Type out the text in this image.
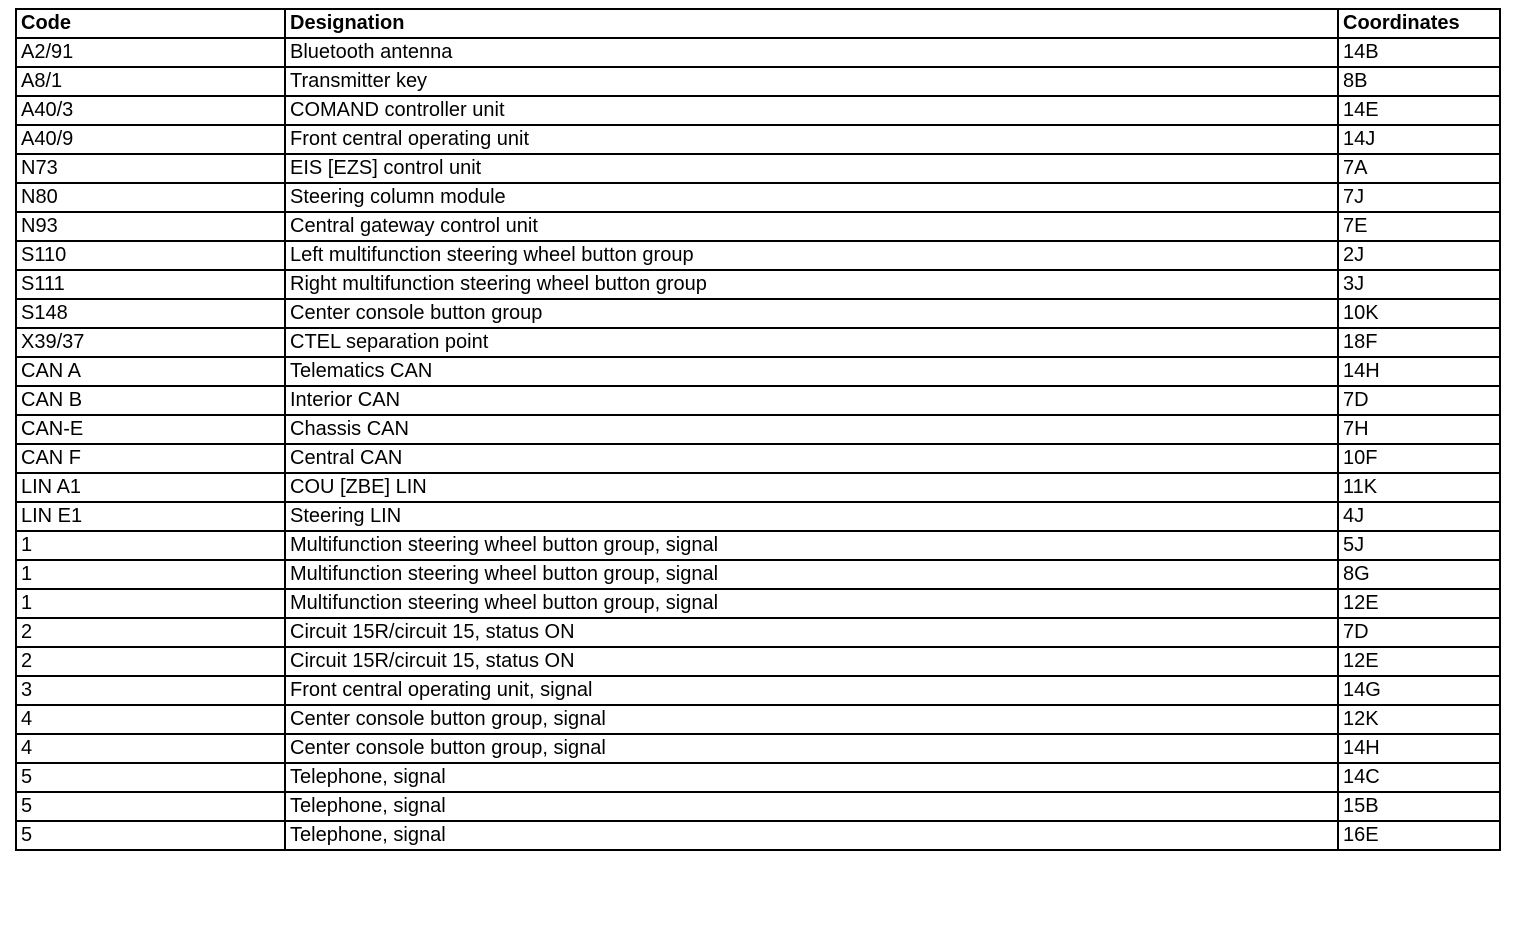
Code	Designation	Coordinates
A2/91	Bluetooth antenna	14B
A8/1	Transmitter key	8B
A40/3	COMAND controller unit	14E
A40/9	Front central operating unit	14J
N73	EIS [EZS] control unit	7A
N80	Steering column module	7J
N93	Central gateway control unit	7E
S110	Left multifunction steering wheel button group	2J
S111	Right multifunction steering wheel button group	3J
S148	Center console button group	10K
X39/37	CTEL separation point	18F
CAN A	Telematics CAN	14H
CAN B	Interior CAN	7D
CAN-E	Chassis CAN	7H
CAN F	Central CAN	10F
LIN A1	COU [ZBE] LIN	11K
LIN E1	Steering LIN	4J
1	Multifunction steering wheel button group, signal	5J
1	Multifunction steering wheel button group, signal	8G
1	Multifunction steering wheel button group, signal	12E
2	Circuit 15R/circuit 15, status ON	7D
2	Circuit 15R/circuit 15, status ON	12E
3	Front central operating unit, signal	14G
4	Center console button group, signal	12K
4	Center console button group, signal	14H
5	Telephone, signal	14C
5	Telephone, signal	15B
5	Telephone, signal	16E
